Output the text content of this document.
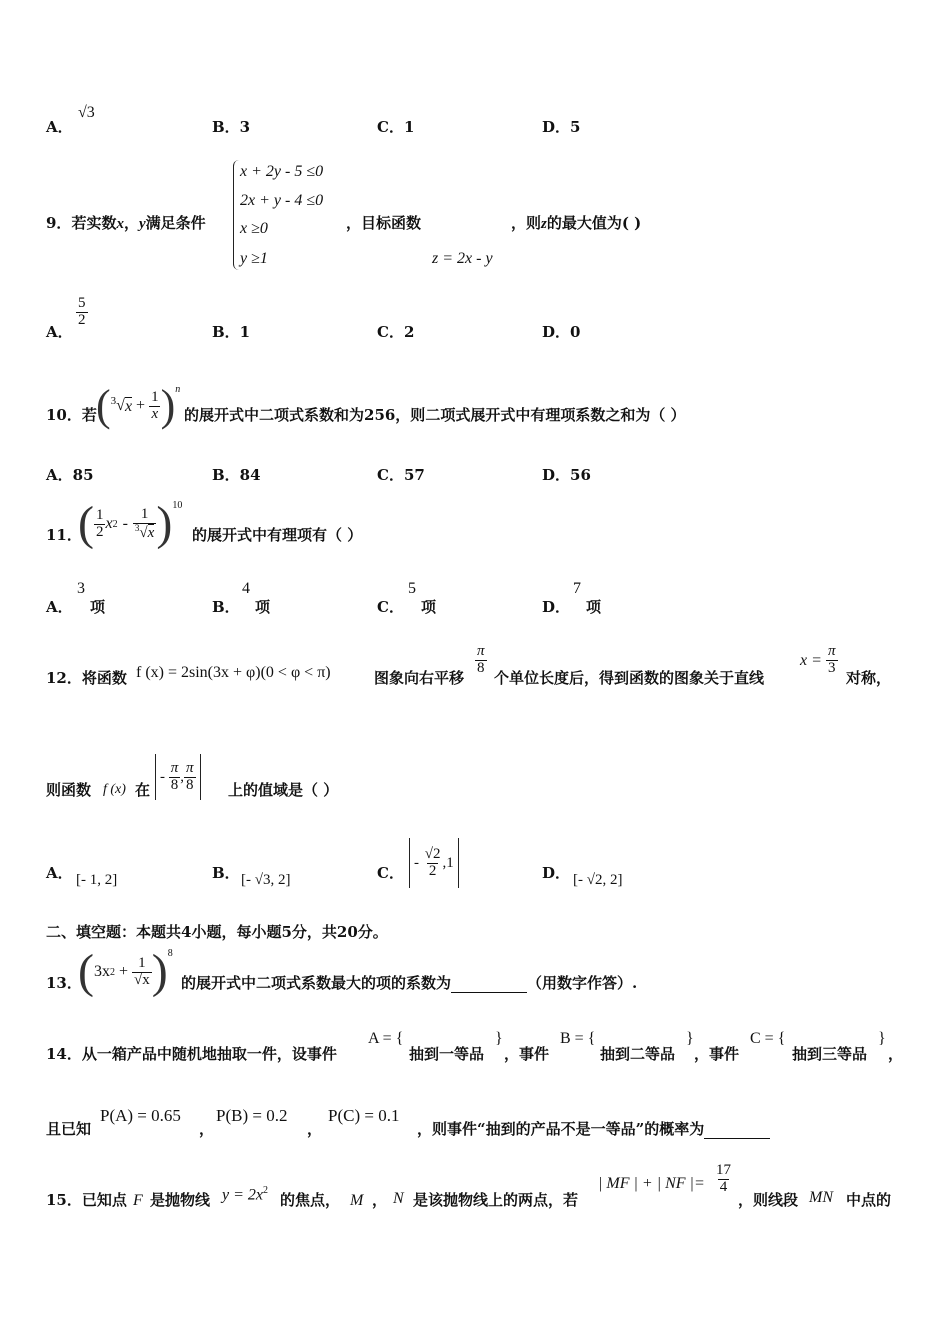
A．
√3
B．3	C．1	D．5
9．若实数x，y满足条件
x + 2y - 5 ≤0
2x + y - 4 ≤0
x ≥0
y ≥1
，目标函数
z = 2x - y
，则z的最大值为( )
A．
$\frac{5}{2}$
B．1	C．2	D．0
10．若 ( 3 √ $x + \frac{1}{x}$ ) n
的展开式中二项式系数和为256，则二项式展开式中有理项系数之和为（ ）
A．85	B．84	C．57	D．56
11．
( $\frac{1}{2}$ x $2 - \frac{1}{^3√x}$ ) 10
的展开式中有理项有（ ）
A．
3
项	B．
4
项	C．
5
项	D．
7
项
12．将函数 f (x) = 2sin(3x + φ)(0 < φ < π)	图象向右平移
$\frac{\pi}{8}$
个单位长度后，得到函数的图象关于直线
$x = \frac{\pi}{3}$
对称，
则函数 f (x) 在
-
$\frac{\pi}{8}$ , $\frac{\pi}{8}$ 上的值域是（ ）
A． [- 1, 2]	B． [- √3, 2]	C．
-
$\frac{√2}{2} ,1$
D． [- √2, 2]
二、填空题：本题共4小题，每小题5分，共20分。
13．
( 3x $2 + \frac{1}{√x}$ ) 8
的展开式中二项式系数最大的项的系数为	（用数字作答）.
14．从一箱产品中随机地抽取一件，设事件
A = {
抽到一等品
}
，事件
B = {
抽到二等品
}
，事件
C = {
抽到三等品
}
，
且已知
P(A) = 0.65
，
P(B) = 0.2
，
P(C) = 0.1
，则事件“抽到的产品不是一等品”的概率为
15．已知点 F 是抛物线 $y = 2x^2$
的焦点， M ， N 是该抛物线上的两点，若
| MF | + | NF |= $\frac{17}{4}$
，则线段 MN 中点的
